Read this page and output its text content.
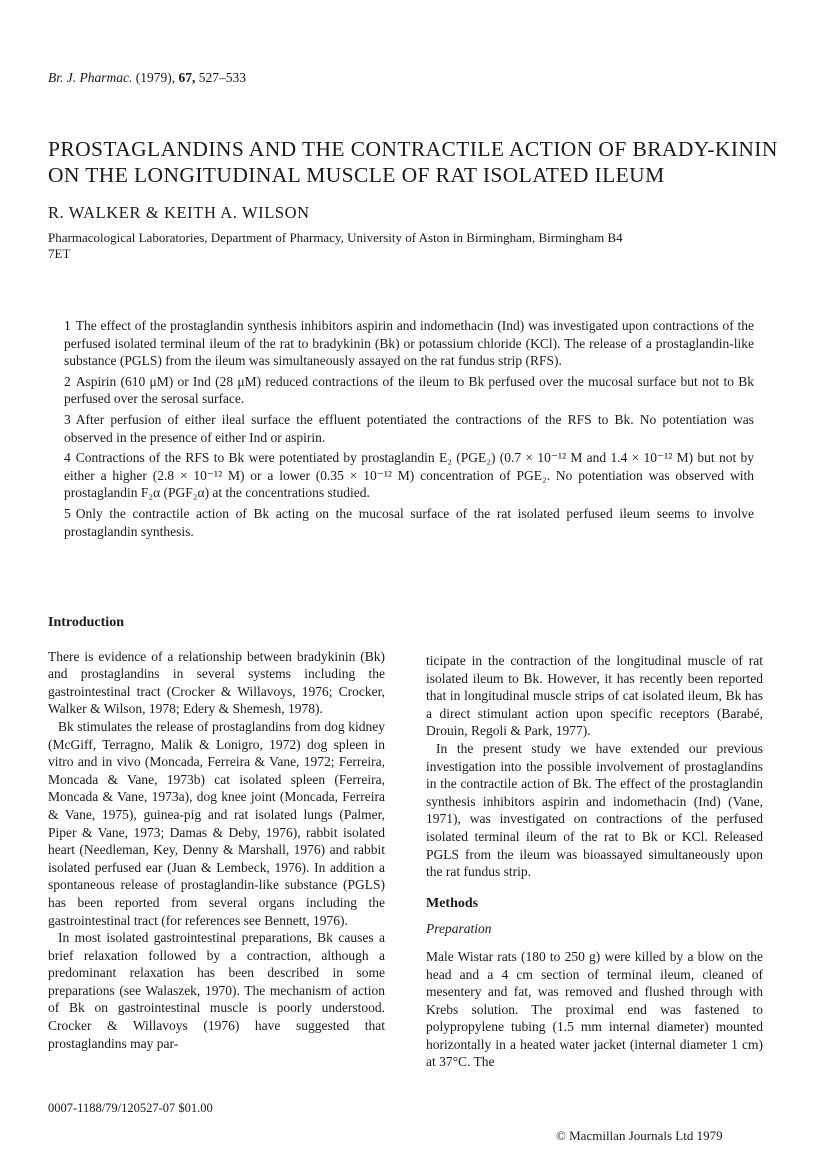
Br. J. Pharmac. (1979), 67, 527–533
PROSTAGLANDINS AND THE CONTRACTILE ACTION OF BRADY-KININ ON THE LONGITUDINAL MUSCLE OF RAT ISOLATED ILEUM
R. WALKER & KEITH A. WILSON
Pharmacological Laboratories, Department of Pharmacy, University of Aston in Birmingham, Birmingham B4 7ET

1 The effect of the prostaglandin synthesis inhibitors aspirin and indomethacin (Ind) was investigated upon contractions of the perfused isolated terminal ileum of the rat to bradykinin (Bk) or potassium chloride (KCl). The release of a prostaglandin-like substance (PGLS) from the ileum was simultaneously assayed on the rat fundus strip (RFS).

2 Aspirin (610 μM) or Ind (28 μM) reduced contractions of the ileum to Bk perfused over the mucosal surface but not to Bk perfused over the serosal surface.

3 After perfusion of either ileal surface the effluent potentiated the contractions of the RFS to Bk. No potentiation was observed in the presence of either Ind or aspirin.

4 Contractions of the RFS to Bk were potentiated by prostaglandin E₂ (PGE₂) (0.7 × 10⁻¹² M and 1.4 × 10⁻¹² M) but not by either a higher (2.8 × 10⁻¹² M) or a lower (0.35 × 10⁻¹² M) concentration of PGE₂. No potentiation was observed with prostaglandin F₂α (PGF₂α) at the concentrations studied.

5 Only the contractile action of Bk acting on the mucosal surface of the rat isolated perfused ileum seems to involve prostaglandin synthesis.

Introduction

There is evidence of a relationship between bradykinin (Bk) and prostaglandins in several systems including the gastrointestinal tract (Crocker & Willavoys, 1976; Crocker, Walker & Wilson, 1978; Edery & Shemesh, 1978).

Bk stimulates the release of prostaglandins from dog kidney (McGiff, Terragno, Malik & Lonigro, 1972) dog spleen in vitro and in vivo (Moncada, Ferreira & Vane, 1972; Ferreira, Moncada & Vane, 1973b) cat isolated spleen (Ferreira, Moncada & Vane, 1973a), dog knee joint (Moncada, Ferreira & Vane, 1975), guinea-pig and rat isolated lungs (Palmer, Piper & Vane, 1973; Damas & Deby, 1976), rabbit isolated heart (Needleman, Key, Denny & Marshall, 1976) and rabbit isolated perfused ear (Juan & Lembeck, 1976). In addition a spontaneous release of prostaglandin-like substance (PGLS) has been reported from several organs including the gastrointestinal tract (for references see Bennett, 1976).

In most isolated gastrointestinal preparations, Bk causes a brief relaxation followed by a contraction, although a predominant relaxation has been described in some preparations (see Walaszek, 1970). The mechanism of action of Bk on gastrointestinal muscle is poorly understood. Crocker & Willavoys (1976) have suggested that prostaglandins may par-

ticipate in the contraction of the longitudinal muscle of rat isolated ileum to Bk. However, it has recently been reported that in longitudinal muscle strips of cat isolated ileum, Bk has a direct stimulant action upon specific receptors (Barabé, Drouin, Regoli & Park, 1977).

In the present study we have extended our previous investigation into the possible involvement of prostaglandins in the contractile action of Bk. The effect of the prostaglandin synthesis inhibitors aspirin and indomethacin (Ind) (Vane, 1971), was investigated on contractions of the perfused isolated terminal ileum of the rat to Bk or KCl. Released PGLS from the ileum was bioassayed simultaneously upon the rat fundus strip.

Methods
Preparation

Male Wistar rats (180 to 250 g) were killed by a blow on the head and a 4 cm section of terminal ileum, cleaned of mesentery and fat, was removed and flushed through with Krebs solution. The proximal end was fastened to polypropylene tubing (1.5 mm internal diameter) mounted horizontally in a heated water jacket (internal diameter 1 cm) at 37°C. The

0007-1188/79/120527-07 $01.00
© Macmillan Journals Ltd 1979
